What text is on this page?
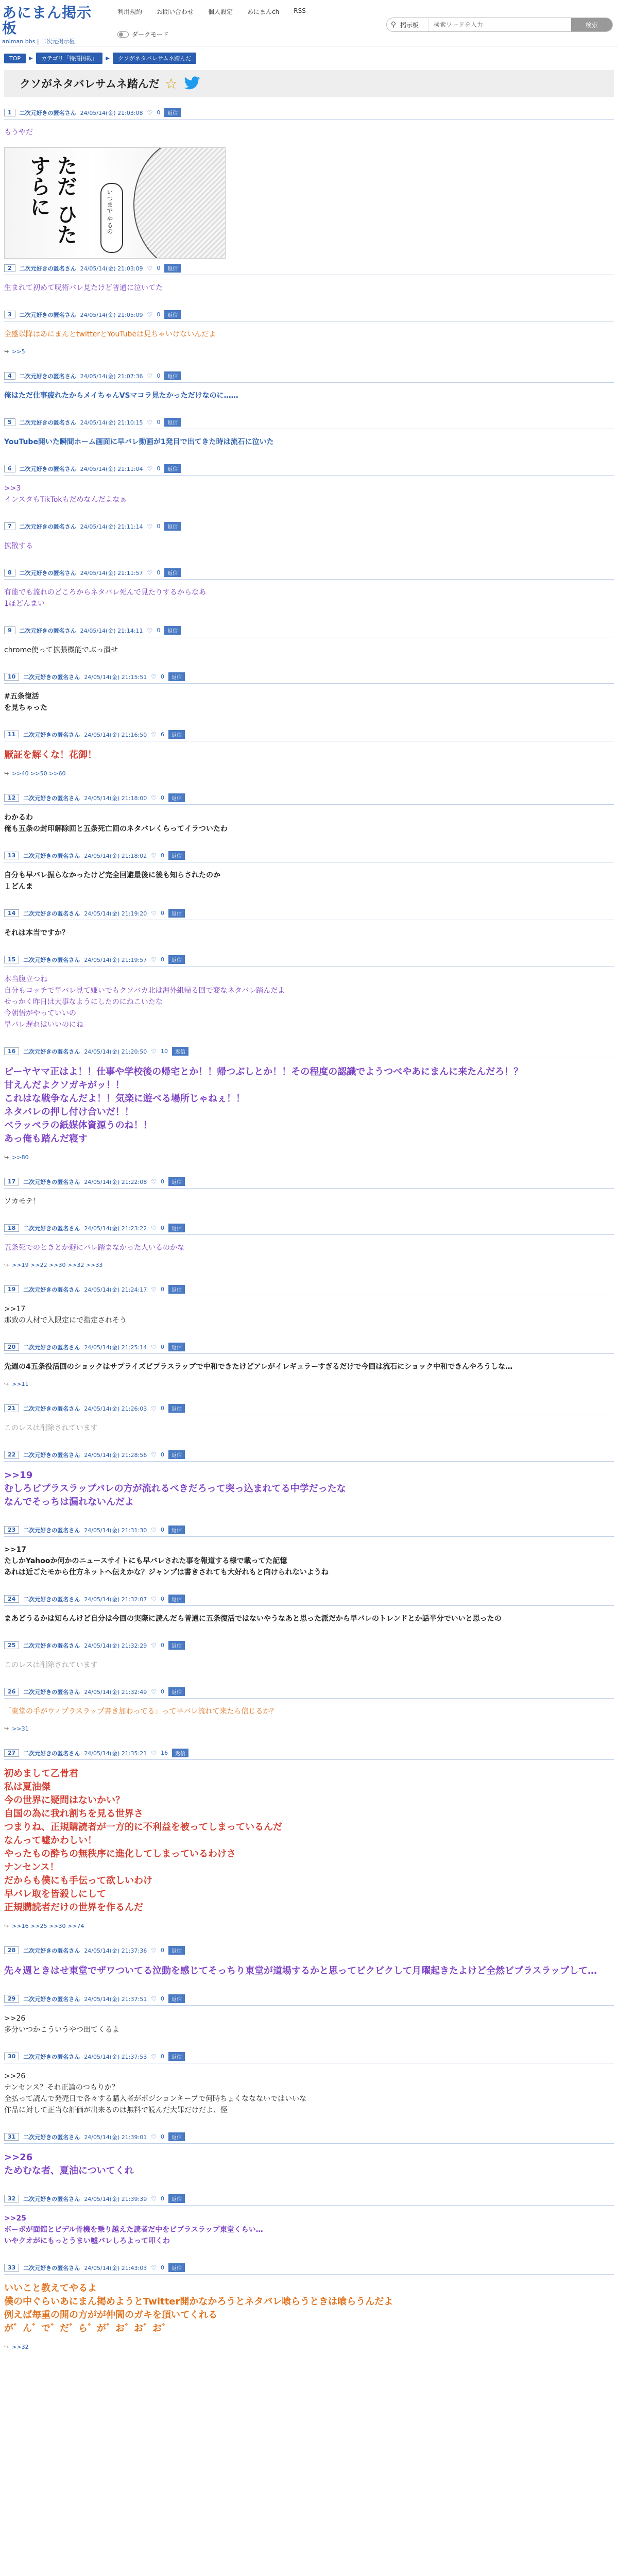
あにまん掲示板
animan bbs | 二次元掲示板
利用規約 お問い合わせ 個人設定 あにまんch RSS
ダークモード
⚲ 掲示板
検索ワードを入力	検索
TOP	▶	カテゴリ「特撮掲載」	▶	クソがネタバレサムネ踏んだ
クソがネタバレサムネ踏んだ ☆
1	二次元好きの匿名さん 24/05/14(金) 21:03:08 ♡ 0	返信
もうやだ
ただ ひたすらに	いつまで やるの
2	二次元好きの匿名さん 24/05/14(金) 21:03:09 ♡ 0	返信
生まれて初めて呪術バレ見たけど普通に泣いてた
3	二次元好きの匿名さん 24/05/14(金) 21:05:09 ♡ 0	返信
全盛以降はあにまんとtwitterとYouTubeは見ちゃいけないんだよ
↪ >>5
4	二次元好きの匿名さん 24/05/14(金) 21:07:36 ♡ 0	返信
俺はただ仕事疲れたからメイちゃんVSマコラ見たかっただけなのに……
5	二次元好きの匿名さん 24/05/14(金) 21:10:15 ♡ 0	返信
YouTube開いた瞬間ホーム画面に早バレ動画が1発目で出てきた時は流石に泣いた
6	二次元好きの匿名さん 24/05/14(金) 21:11:04 ♡ 0	返信
>>3
インスタもTikTokもだめなんだよなぁ
7	二次元好きの匿名さん 24/05/14(金) 21:11:14 ♡ 0	返信
拡散する
8	二次元好きの匿名さん 24/05/14(金) 21:11:57 ♡ 0	返信
有能でも流れのどころからネタバレ死んで見たりするからなあ
1ほどんまい
9	二次元好きの匿名さん 24/05/14(金) 21:14:11 ♡ 0	返信
chrome使って拡張機能でぶっ潰せ
10	二次元好きの匿名さん 24/05/14(金) 21:15:51 ♡ 0	返信
#五条復活
を見ちゃった
11	二次元好きの匿名さん 24/05/14(金) 21:16:50 ♡ 6	返信
厭証を解くな！花御！
↪ >>40 >>50 >>60
12	二次元好きの匿名さん 24/05/14(金) 21:18:00 ♡ 0	返信
わかるわ
俺も五条の封印解除回と五条死亡回のネタバレくらってイラついたわ
13	二次元好きの匿名さん 24/05/14(金) 21:18:02 ♡ 0	返信
自分も早バレ振らなかったけど完全回避最後に後も知らされたのか
１どんま
14	二次元好きの匿名さん 24/05/14(金) 21:19:20 ♡ 0	返信
それは本当ですか？
15	二次元好きの匿名さん 24/05/14(金) 21:19:57 ♡ 0	返信
本当腹立つね
自分もコッチで早バレ見て嫌いでもクソバカ北は海外組帰る回で変なネタバレ踏んだよ
せっかく昨日は大事なようにしたのにねこいたな
今朝悟がやっていいの
早バレ遅れはいいのにね
16	二次元好きの匿名さん 24/05/14(金) 21:20:50 ♡ 10	返信
ピーヤヤマ正はよ！！仕事や学校後の帰宅とか！！帰つぶしとか！！その程度の認識でようつべやあにまんに来たんだろ！？
甘えんだよクソガキがッ！！
これはな戦争なんだよ！！気楽に遊べる場所じゃねぇ！！
ネタバレの押し付け合いだ！！
ベラッペラの紙媒体資源うのね！！
あっ俺も踏んだ寝す
↪ >>80
17	二次元好きの匿名さん 24/05/14(金) 21:22:08 ♡ 0	返信
ソカモテ！
18	二次元好きの匿名さん 24/05/14(金) 21:23:22 ♡ 0	返信
五条死でのときとか避にバレ踏まなかった人いるのかな
↪ >>19 >>22 >>30 >>32 >>33
19	二次元好きの匿名さん 24/05/14(金) 21:24:17 ♡ 0	返信
>>17
那致の人材で入限定にで指定されそう
20	二次元好きの匿名さん 24/05/14(金) 21:25:14 ♡ 0	返信
先週の4五条役活回のショックはサプライズビプラスラップで中和できたけどアレがイレギュラーすぎるだけで今回は流石にショック中和できんやろうしな…
↪ >>11
21	二次元好きの匿名さん 24/05/14(金) 21:26:03 ♡ 0	返信
このレスは削除されています
22	二次元好きの匿名さん 24/05/14(金) 21:28:56 ♡ 0	返信
>>19
むしろビプラスラップバレの方が流れるべきだろって突っ込まれてる中学だったな
なんでそっちは漏れないんだよ
23	二次元好きの匿名さん 24/05/14(金) 21:31:30 ♡ 0	返信
>>17
たしかYahooか何かのニュースサイトにも早バレされた事を報道する様で載ってた記憶
あれは近ごたモから仕方ネットへ伝えかな？ジャンプは書きされても大好れもと向けられないようね
24	二次元好きの匿名さん 24/05/14(金) 21:32:07 ♡ 0	返信
まあどうるかは知らんけど自分は今回の実際に読んだら普通に五条復活ではないやうなあと思った派だから早バレのトレンドとか話半分でいいと思ったの
25	二次元好きの匿名さん 24/05/14(金) 21:32:29 ♡ 0	返信
このレスは削除されています
26	二次元好きの匿名さん 24/05/14(金) 21:32:49 ♡ 0	返信
「東堂の手がウィプラスラップ書き加わってる」って早バレ流れて来たら信じるか？
↪ >>31
27	二次元好きの匿名さん 24/05/14(金) 21:35:21 ♡ 16	返信
初めまして乙骨君
私は夏油傑
今の世界に疑問はないかい？
自国の為に我れ割ちを見る世界さ
つまりね、正規購読者が一方的に不利益を被ってしまっているんだ
なんって嘘かわしい！
やったもの酔ちの無秩序に進化してしまっているわけさ
ナンセンス！
だからも僕にも手伝って欲しいわけ
早バレ取を皆殺しにして
正規購読者だけの世界を作るんだ
↪ >>16 >>25 >>30 >>74
28	二次元好きの匿名さん 24/05/14(金) 21:37:36 ♡ 0	返信
先々週ときはせ東堂でザワついてる泣動を感じてそっちり東堂が道場するかと思ってビクビクして月曜起きたよけど全然ビプラスラップして…
29	二次元好きの匿名さん 24/05/14(金) 21:37:51 ♡ 0	返信
>>26
多分いつかこういうやつ出てくるよ
30	二次元好きの匿名さん 24/05/14(金) 21:37:53 ♡ 0	返信
>>26
ナンセンス？それ正論のつもりか？
全払って読んで発売日で各々する購入者がポジションキープで何時ちょくななないではいいな
作品に対して正当な評価が出来るのは無料で読んだ大罪だけだよ、怪
31	二次元好きの匿名さん 24/05/14(金) 21:39:01 ♡ 0	返信
>>26
ためむな者、夏油についてくれ
32	二次元好きの匿名さん 24/05/14(金) 21:39:39 ♡ 0	返信
>>25
ボーボが面館とビデル骨機を乗り越えた読者だ中をビプラスラップ東堂くらい…
いやクオがにもっとうまい嘘バレしろよって叩くわ
33	二次元好きの匿名さん 24/05/14(金) 21:43:03 ♡ 0	返信
いいこと教えてやるよ
僕の中ぐらいあにまん掲めようとTwitter開かなかろうとネタバレ喰らうときは喰らうんだよ
例えば毎重の開の方がが仲間のガキを頂いてくれる
が゛ん゛で゛だ゛ら゛が゛お゛お゛お゛
↪ >>32
